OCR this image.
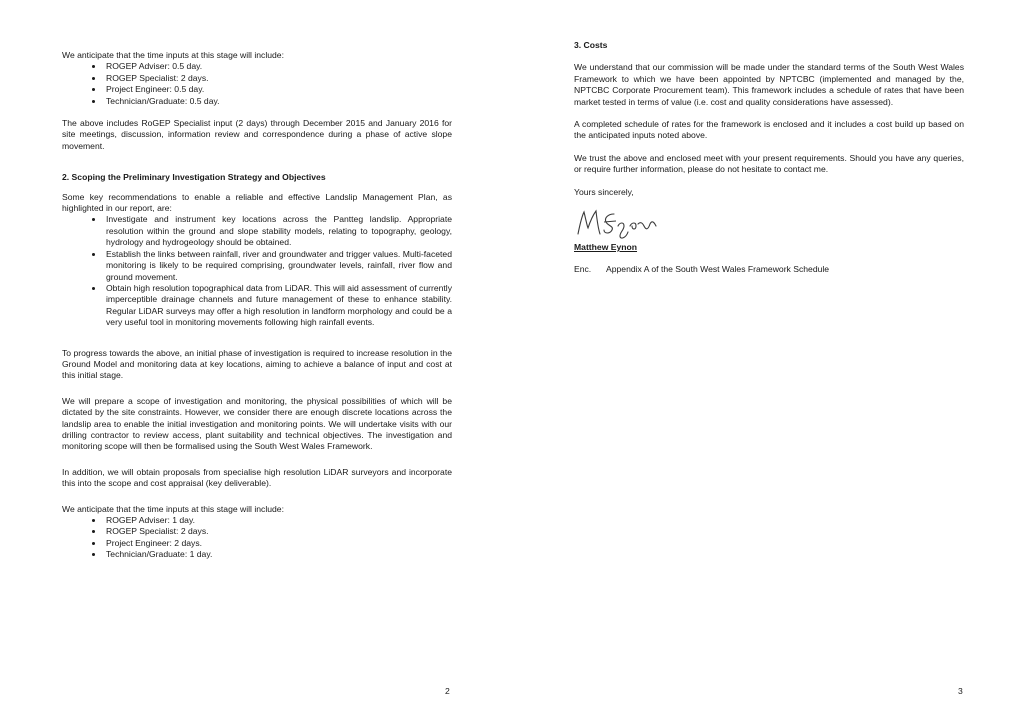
We anticipate that the time inputs at this stage will include:

• ROGEP Adviser: 0.5 day.
• ROGEP Specialist: 2 days.
• Project Engineer: 0.5 day.
• Technician/Graduate: 0.5 day.

The above includes RoGEP Specialist input (2 days) through December 2015 and January 2016 for site meetings, discussion, information review and correspondence during a phase of active slope movement.

2. Scoping the Preliminary Investigation Strategy and Objectives

Some key recommendations to enable a reliable and effective Landslip Management Plan, as highlighted in our report, are:

• Investigate and instrument key locations across the Pantteg landslip. Appropriate resolution within the ground and slope stability models, relating to topography, geology, hydrology and hydrogeology should be obtained.
• Establish the links between rainfall, river and groundwater and trigger values. Multi-faceted monitoring is likely to be required comprising, groundwater levels, rainfall, river flow and ground movement.
• Obtain high resolution topographical data from LiDAR. This will aid assessment of currently imperceptible drainage channels and future management of these to enhance stability. Regular LiDAR surveys may offer a high resolution in landform morphology and could be a very useful tool in monitoring movements following high rainfall events.

To progress towards the above, an initial phase of investigation is required to increase resolution in the Ground Model and monitoring data at key locations, aiming to achieve a balance of input and cost at this initial stage.

We will prepare a scope of investigation and monitoring, the physical possibilities of which will be dictated by the site constraints. However, we consider there are enough discrete locations across the landslip area to enable the initial investigation and monitoring points. We will undertake visits with our drilling contractor to review access, plant suitability and technical objectives. The investigation and monitoring scope will then be formalised using the South West Wales Framework.

In addition, we will obtain proposals from specialise high resolution LiDAR surveyors and incorporate this into the scope and cost appraisal (key deliverable).

We anticipate that the time inputs at this stage will include:

• ROGEP Adviser: 1 day.
• ROGEP Specialist: 2 days.
• Project Engineer: 2 days.
• Technician/Graduate: 1 day.
2
3. Costs

We understand that our commission will be made under the standard terms of the South West Wales Framework to which we have been appointed by NPTCBC (implemented and managed by the, NPTCBC Corporate Procurement team). This framework includes a schedule of rates that have been market tested in terms of value (i.e. cost and quality considerations have assessed).

A completed schedule of rates for the framework is enclosed and it includes a cost build up based on the anticipated inputs noted above.

We trust the above and enclosed meet with your present requirements. Should you have any queries, or require further information, please do not hesitate to contact me.

Yours sincerely,

Matthew Eynon

Enc.	Appendix A of the South West Wales Framework Schedule
3
